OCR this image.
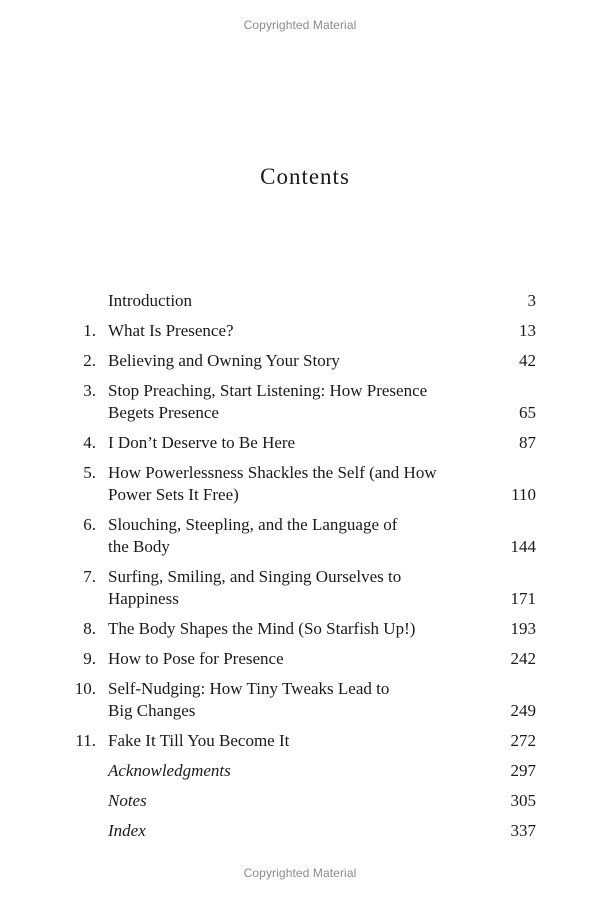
Copyrighted Material
Contents
Introduction	3
1. What Is Presence?	13
2. Believing and Owning Your Story	42
3. Stop Preaching, Start Listening: How Presence
Begets Presence	65
4. I Don’t Deserve to Be Here	87
5. How Powerlessness Shackles the Self (and How
Power Sets It Free)	110
6. Slouching, Steepling, and the Language of
the Body	144
7. Surfing, Smiling, and Singing Ourselves to
Happiness	171
8. The Body Shapes the Mind (So Starfish Up!)	193
9. How to Pose for Presence	242
10. Self-Nudging: How Tiny Tweaks Lead to
Big Changes	249
11. Fake It Till You Become It	272
Acknowledgments	297
Notes	305
Index	337
Copyrighted Material
